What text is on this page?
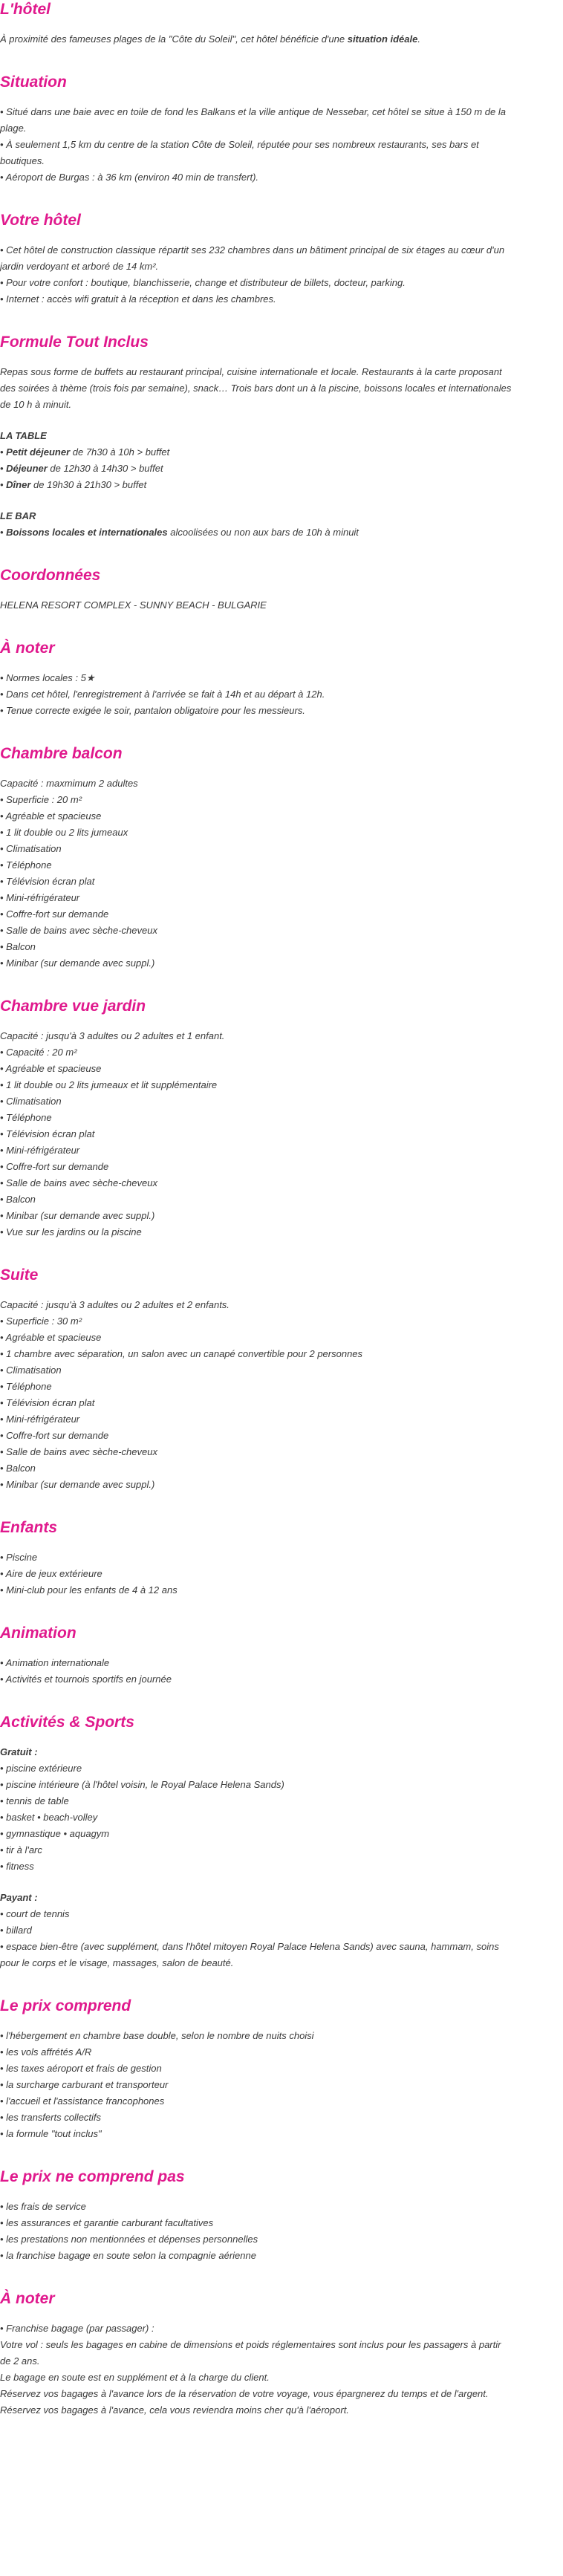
L'hôtel

À proximité des fameuses plages de la "Côte du Soleil", cet hôtel bénéficie d'une situation idéale.

Situation

• Situé dans une baie avec en toile de fond les Balkans et la ville antique de Nessebar, cet hôtel se situe à 150 m de la plage.

• À seulement 1,5 km du centre de la station Côte de Soleil, réputée pour ses nombreux restaurants, ses bars et boutiques.

• Aéroport de Burgas : à 36 km (environ 40 min de transfert).

Votre hôtel

• Cet hôtel de construction classique répartit ses 232 chambres dans un bâtiment principal de six étages au cœur d'un jardin verdoyant et arboré de 14 km².

• Pour votre confort : boutique, blanchisserie, change et distributeur de billets, docteur, parking.

• Internet : accès wifi gratuit à la réception et dans les chambres.

Formule Tout Inclus

Repas sous forme de buffets au restaurant principal, cuisine internationale et locale. Restaurants à la carte proposant des soirées à thème (trois fois par semaine), snack… Trois bars dont un à la piscine, boissons locales et internationales de 10 h à minuit.

LA TABLE

• Petit déjeuner de 7h30 à 10h > buffet

• Déjeuner de 12h30 à 14h30 > buffet

• Dîner de 19h30 à 21h30 > buffet

LE BAR

• Boissons locales et internationales alcoolisées ou non aux bars de 10h à minuit

Coordonnées

HELENA RESORT COMPLEX - SUNNY BEACH - BULGARIE

À noter

• Normes locales : 5★

• Dans cet hôtel, l'enregistrement à l'arrivée se fait à 14h et au départ à 12h.

• Tenue correcte exigée le soir, pantalon obligatoire pour les messieurs.

Chambre balcon

Capacité : maxmimum 2 adultes

• Superficie : 20 m²

• Agréable et spacieuse

• 1 lit double ou 2 lits jumeaux

• Climatisation

• Téléphone

• Télévision écran plat

• Mini-réfrigérateur

• Coffre-fort sur demande

• Salle de bains avec sèche-cheveux

• Balcon

• Minibar (sur demande avec suppl.)

Chambre vue jardin

Capacité : jusqu'à 3 adultes ou 2 adultes et 1 enfant.

• Capacité : 20 m²

• Agréable et spacieuse

• 1 lit double ou 2 lits jumeaux et lit supplémentaire

• Climatisation

• Téléphone

• Télévision écran plat

• Mini-réfrigérateur

• Coffre-fort sur demande

• Salle de bains avec sèche-cheveux

• Balcon

• Minibar (sur demande avec suppl.)

• Vue sur les jardins ou la piscine

Suite

Capacité : jusqu'à 3 adultes ou 2 adultes et 2 enfants.

• Superficie : 30 m²

• Agréable et spacieuse

• 1 chambre avec séparation, un salon avec un canapé convertible pour 2 personnes

• Climatisation

• Téléphone

• Télévision écran plat

• Mini-réfrigérateur

• Coffre-fort sur demande

• Salle de bains avec sèche-cheveux

• Balcon

• Minibar (sur demande avec suppl.)

Enfants

• Piscine

• Aire de jeux extérieure

• Mini-club pour les enfants de 4 à 12 ans

Animation

• Animation internationale

• Activités et tournois sportifs en journée

Activités & Sports

Gratuit :

• piscine extérieure

• piscine intérieure (à l'hôtel voisin, le Royal Palace Helena Sands)

• tennis de table

• basket • beach-volley

• gymnastique • aquagym

• tir à l'arc

• fitness

Payant :

• court de tennis

• billard

• espace bien-être (avec supplément, dans l'hôtel mitoyen Royal Palace Helena Sands) avec sauna, hammam, soins pour le corps et le visage, massages, salon de beauté.

Le prix comprend

• l'hébergement en chambre base double, selon le nombre de nuits choisi

• les vols affrétés A/R

• les taxes aéroport et frais de gestion

• la surcharge carburant et transporteur

• l'accueil et l'assistance francophones

• les transferts collectifs

• la formule "tout inclus"

Le prix ne comprend pas

• les frais de service

• les assurances et garantie carburant facultatives

• les prestations non mentionnées et dépenses personnelles

• la franchise bagage en soute selon la compagnie aérienne

À noter

• Franchise bagage (par passager) :

Votre vol : seuls les bagages en cabine de dimensions et poids réglementaires sont inclus pour les passagers à partir de 2 ans.

Le bagage en soute est en supplément et à la charge du client.

Réservez vos bagages à l'avance lors de la réservation de votre voyage, vous épargnerez du temps et de l'argent.

Réservez vos bagages à l'avance, cela vous reviendra moins cher qu'à l'aéroport.
